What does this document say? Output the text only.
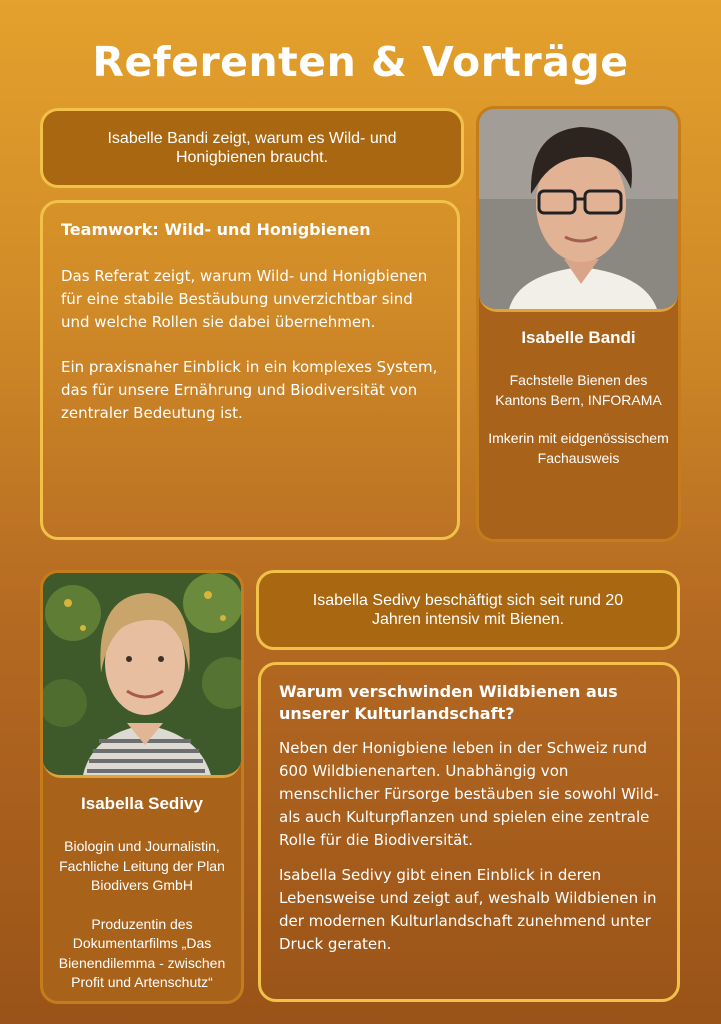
Referenten & Vorträge
Isabelle Bandi zeigt, warum es Wild- und Honigbienen braucht.
Teamwork: Wild- und Honigbienen

Das Referat zeigt, warum Wild- und Honigbienen für eine stabile Bestäubung unverzichtbar sind und welche Rollen sie dabei übernehmen.

Ein praxisnaher Einblick in ein komplexes System, das für unsere Ernährung und Biodiversität von zentraler Bedeutung ist.

Isabelle Bandi

Fachstelle Bienen des Kantons Bern, INFORAMA

Imkerin mit eidgenössischem Fachausweis

Isabella Sedivy

Biologin und Journalistin, Fachliche Leitung der Plan Biodivers GmbH

Produzentin des Dokumentarfilms „Das Bienendilemma - zwischen Profit und Artenschutz“

Isabella Sedivy beschäftigt sich seit rund 20 Jahren intensiv mit Bienen.
Warum verschwinden Wildbienen aus unserer Kulturlandschaft?

Neben der Honigbiene leben in der Schweiz rund 600 Wildbienenarten. Unabhängig von menschlicher Fürsorge bestäuben sie sowohl Wild- als auch Kulturpflanzen und spielen eine zentrale Rolle für die Biodiversität.

Isabella Sedivy gibt einen Einblick in deren Lebensweise und zeigt auf, weshalb Wildbienen in der modernen Kulturlandschaft zunehmend unter Druck geraten.
